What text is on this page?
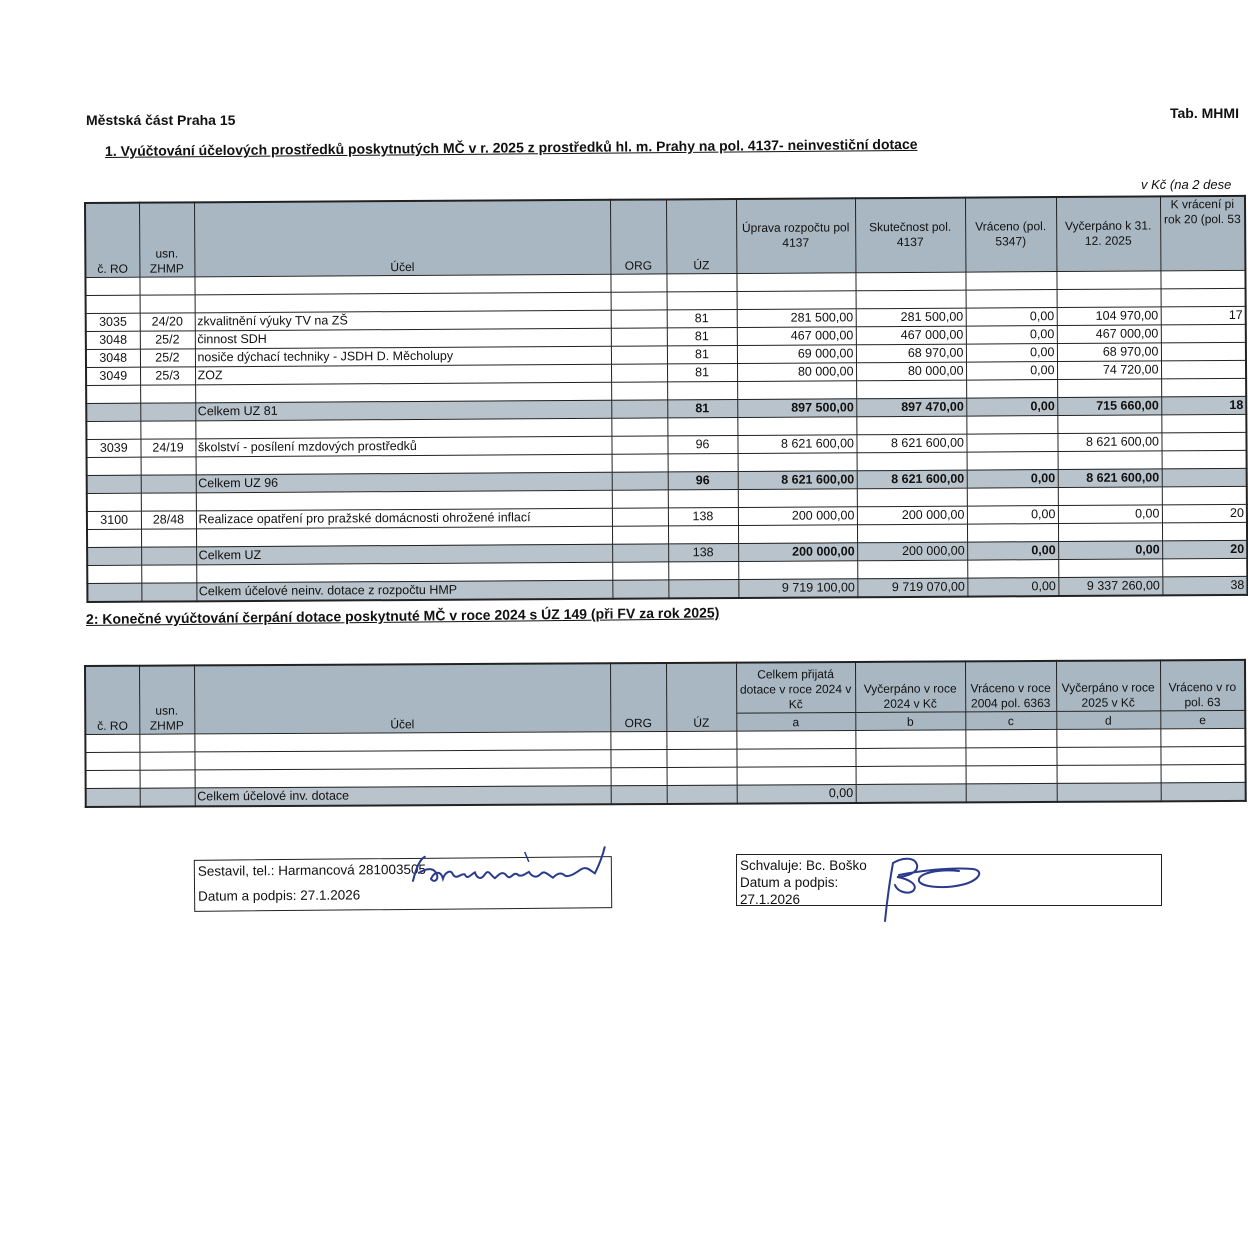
Městská část Praha 15	Tab. MHMI
1. Vyúčtování účelových prostředků poskytnutých MČ v r. 2025 z prostředků hl. m. Prahy na pol. 4137- neinvestiční dotace
v Kč (na 2 dese
č. RO	usn. ZHMP	Účel	ORG	ÚZ	Úprava rozpočtu pol 4137	Skutečnost pol. 4137	Vráceno (pol. 5347)	Vyčerpáno k 31. 12. 2025	K vrácení pi rok 20 (pol. 53

3035	24/20	zkvalitnění výuky TV na ZŠ		81	281 500,00	281 500,00	0,00	104 970,00	17
3048	25/2	činnost SDH		81	467 000,00	467 000,00	0,00	467 000,00	
3048	25/2	nosiče dýchací techniky - JSDH D. Měcholupy		81	69 000,00	68 970,00	0,00	68 970,00	
3049	25/3	ZOZ		81	80 000,00	80 000,00	0,00	74 720,00	

		Celkem UZ 81		81	897 500,00	897 470,00	0,00	715 660,00	18

3039	24/19	školství - posílení mzdových prostředků		96	8 621 600,00	8 621 600,00		8 621 600,00	

		Celkem UZ 96		96	8 621 600,00	8 621 600,00	0,00	8 621 600,00	

3100	28/48	Realizace opatření pro pražské domácnosti ohrožené inflací		138	200 000,00	200 000,00	0,00	0,00	20

		Celkem UZ		138	200 000,00	200 000,00	0,00	0,00	20

		Celkem účelové neinv. dotace z rozpočtu HMP			9 719 100,00	9 719 070,00	0,00	9 337 260,00	38
2: Konečné vyúčtování čerpání dotace poskytnuté MČ v roce 2024 s ÚZ 149 (při FV za rok 2025)
č. RO	usn. ZHMP	Účel	ORG	ÚZ	Celkem přijatá dotace v roce 2024 v Kč	Vyčerpáno v roce 2024 v Kč	Vráceno v roce 2004 pol. 6363	Vyčerpáno v roce 2025 v Kč	Vráceno v ro pol. 63
					a	b	c	d	e

		Celkem účelové inv. dotace			0,00				
Sestavil, tel.: Harmancová 281003505
Datum a podpis: 27.1.2026
Schvaluje: Bc. Boško
Datum a podpis:
27.1.2026
